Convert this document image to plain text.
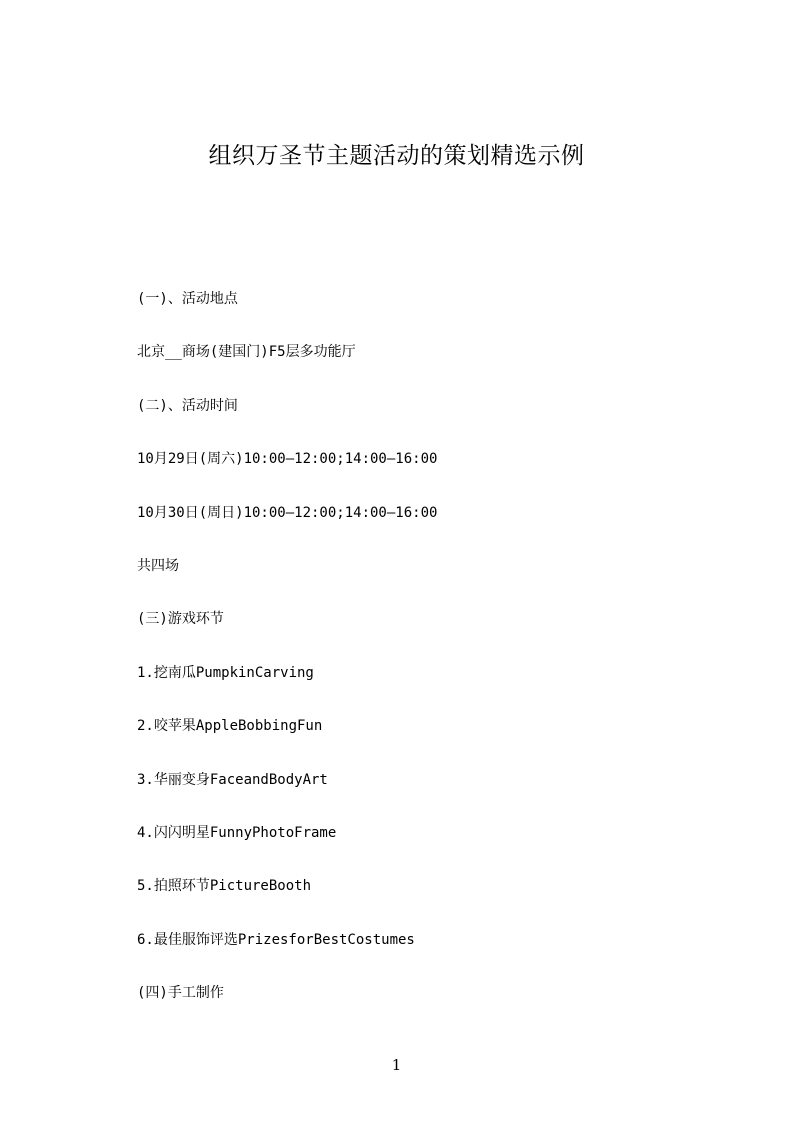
组织万圣节主题活动的策划精选示例
(一)、活动地点
北京__商场(建国门)F5层多功能厅
(二)、活动时间
10月29日(周六)10:00—12:00;14:00—16:00
10月30日(周日)10:00—12:00;14:00—16:00
共四场
(三)游戏环节
1.挖南瓜PumpkinCarving
2.咬苹果AppleBobbingFun
3.华丽变身FaceandBodyArt
4.闪闪明星FunnyPhotoFrame
5.拍照环节PictureBooth
6.最佳服饰评选PrizesforBestCostumes
(四)手工制作
1
